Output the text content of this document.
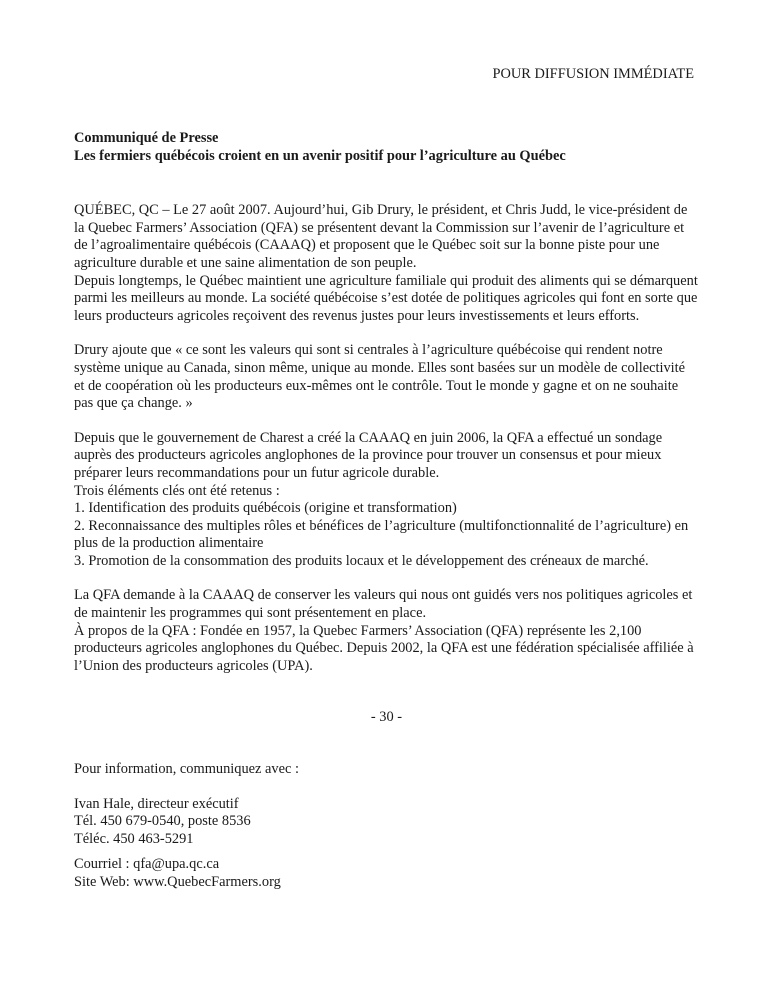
POUR DIFFUSION IMMÉDIATE

Communiqué de Presse

Les fermiers québécois croient en un avenir positif pour l’agriculture au Québec

QUÉBEC, QC – Le 27 août 2007. Aujourd’hui, Gib Drury, le président, et Chris Judd, le vice-président de la Quebec Farmers’ Association (QFA) se présentent devant la Commission sur l’avenir de l’agriculture et de l’agroalimentaire québécois (CAAAQ) et proposent que le Québec soit sur la bonne piste pour une agriculture durable et une saine alimentation de son peuple.

Depuis longtemps, le Québec maintient une agriculture familiale qui produit des aliments qui se démarquent parmi les meilleurs au monde. La société québécoise s’est dotée de politiques agricoles qui font en sorte que leurs producteurs agricoles reçoivent des revenus justes pour leurs investissements et leurs efforts.

Drury ajoute que « ce sont les valeurs qui sont si centrales à l’agriculture québécoise qui rendent notre système unique au Canada, sinon même, unique au monde. Elles sont basées sur un modèle de collectivité et de coopération où les producteurs eux-mêmes ont le contrôle. Tout le monde y gagne et on ne souhaite pas que ça change. »

Depuis que le gouvernement de Charest a créé la CAAAQ en juin 2006, la QFA a effectué un sondage auprès des producteurs agricoles anglophones de la province pour trouver un consensus et pour mieux préparer leurs recommandations pour un futur agricole durable.

Trois éléments clés ont été retenus :

1. Identification des produits québécois (origine et transformation)

2. Reconnaissance des multiples rôles et bénéfices de l’agriculture (multifonctionnalité de l’agriculture) en plus de la production alimentaire

3. Promotion de la consommation des produits locaux et le développement des créneaux de marché.

La QFA demande à la CAAAQ de conserver les valeurs qui nous ont guidés vers nos politiques agricoles et de maintenir les programmes qui sont présentement en place.

À propos de la QFA : Fondée en 1957, la Quebec Farmers’ Association (QFA) représente les 2,100 producteurs agricoles anglophones du Québec. Depuis 2002, la QFA est une fédération spécialisée affiliée à l’Union des producteurs agricoles (UPA).

- 30 -

Pour information, communiquez avec :

Ivan Hale, directeur exécutif

Tél. 450 679-0540, poste 8536

Téléc. 450 463-5291

Courriel : qfa@upa.qc.ca

Site Web: www.QuebecFarmers.org
